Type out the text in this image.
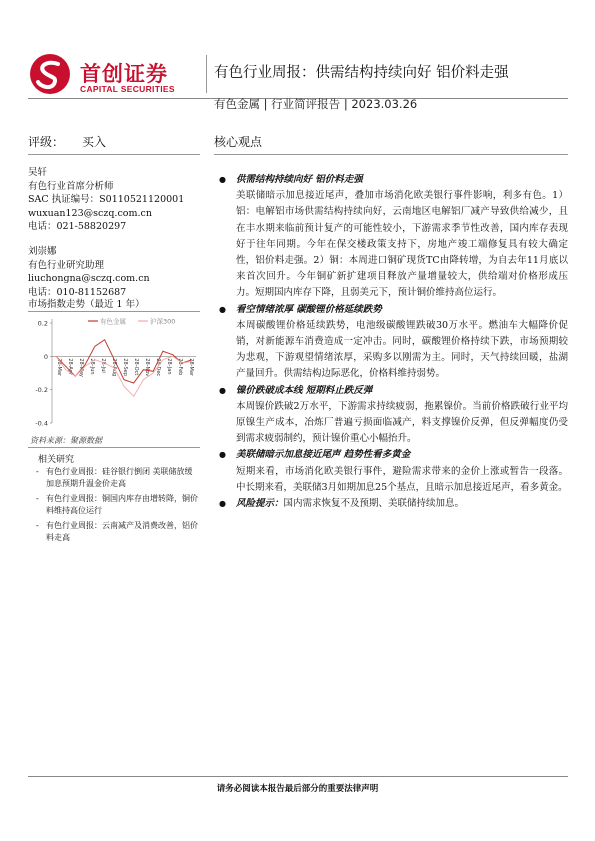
首创证券
CAPITAL SECURITIES
有色行业周报：供需结构持续向好 铝价料走强
有色金属 | 行业简评报告 | 2023.03.26
评级： 买入	核心观点
吴轩
有色行业首席分析师
SAC 执证编号：S0110521120001
wuxuan123@sczq.com.cn
电话：021-58820297
刘崇娜
有色行业研究助理
liuchongna@sczq.com.cn
电话：010-81152687
市场指数走势（最近 1 年）
0.2
0
-0.2
-0.4
28-Mar 28-Apr 28-May 28-Jun 28-Jul 28-Aug 28-Sep 28-Oct 28-Nov 28-Dec 28-Jan 28-Feb 28-Mar
有色金属	沪深300
资料来源：聚源数据
相关研究
- 有色行业周报：硅谷银行倒闭 美联储放缓加息预期升温金价走高
- 有色行业周报：铜国内库存由增转降，铜价料维持高位运行
- 有色行业周报：云南减产及消费改善，铝价料走高
● 供需结构持续向好 铝价料走强
美联储暗示加息接近尾声，叠加市场消化欧美银行事件影响，利多有色。1）铝：电解铝市场供需结构持续向好，云南地区电解铝厂减产导致供给减少，且在丰水期来临前预计复产的可能性较小，下游需求季节性改善，国内库存表现好于往年同期。今年在保交楼政策支持下，房地产竣工端修复具有较大确定性，铝价料走强。2）铜：本周进口铜矿现货TC由降转增，为自去年11月底以来首次回升。今年铜矿新扩建项目释放产量增量较大，供给端对价格形成压力。短期国内库存下降，且弱美元下，预计铜价维持高位运行。
● 看空情绪浓厚 碳酸锂价格延续跌势
本周碳酸锂价格延续跌势，电池级碳酸锂跌破30万水平。燃油车大幅降价促销，对新能源车消费造成一定冲击。同时，碳酸锂价格持续下跌，市场预期较为悲观，下游观望情绪浓厚，采购多以刚需为主。同时，天气持续回暖，盐湖产量回升。供需结构边际恶化，价格料维持弱势。
● 镍价跌破成本线 短期料止跌反弹
本周镍价跌破2万水平，下游需求持续疲弱，拖累镍价。当前价格跌破行业平均原镍生产成本，冶炼厂普遍亏损面临减产，料支撑镍价反弹，但反弹幅度仍受到需求疲弱制约，预计镍价重心小幅抬升。
● 美联储暗示加息接近尾声 趋势性看多黄金
短期来看，市场消化欧美银行事件，避险需求带来的金价上涨或暂告一段落。中长期来看，美联储3月如期加息25个基点，且暗示加息接近尾声，看多黄金。
● 风险提示：国内需求恢复不及预期、美联储持续加息。
请务必阅读本报告最后部分的重要法律声明
